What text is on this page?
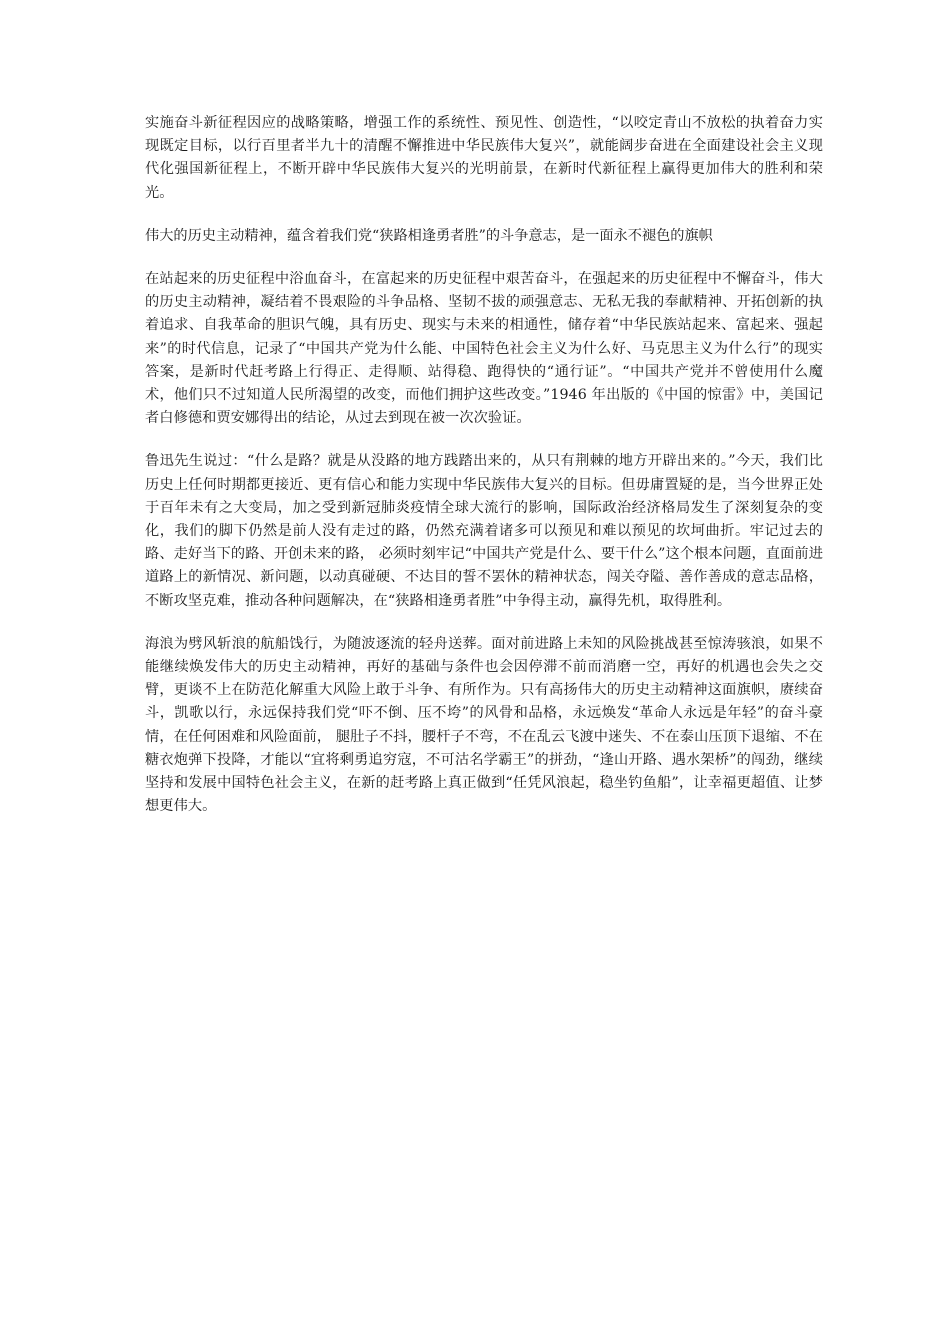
实施奋斗新征程因应的战略策略，增强工作的系统性、预见性、创造性，“以咬定青山不放松的执着奋力实现既定目标，以行百里者半九十的清醒不懈推进中华民族伟大复兴”，就能阔步奋进在全面建设社会主义现代化强国新征程上，不断开辟中华民族伟大复兴的光明前景，在新时代新征程上赢得更加伟大的胜利和荣光。

伟大的历史主动精神，蕴含着我们党“狭路相逢勇者胜”的斗争意志，是一面永不褪色的旗帜

在站起来的历史征程中浴血奋斗，在富起来的历史征程中艰苦奋斗，在强起来的历史征程中不懈奋斗，伟大的历史主动精神，凝结着不畏艰险的斗争品格、坚韧不拔的顽强意志、无私无我的奉献精神、开拓创新的执着追求、自我革命的胆识气魄，具有历史、现实与未来的相通性，储存着“中华民族站起来、富起来、强起来”的时代信息，记录了“中国共产党为什么能、中国特色社会主义为什么好、马克思主义为什么行”的现实答案，是新时代赶考路上行得正、走得顺、站得稳、跑得快的“通行证”。“中国共产党并不曾使用什么魔术，他们只不过知道人民所渴望的改变，而他们拥护这些改变。”1946 年出版的《中国的惊雷》中，美国记者白修德和贾安娜得出的结论，从过去到现在被一次次验证。

鲁迅先生说过：“什么是路？就是从没路的地方践踏出来的，从只有荆棘的地方开辟出来的。”今天，我们比历史上任何时期都更接近、更有信心和能力实现中华民族伟大复兴的目标。但毋庸置疑的是，当今世界正处于百年未有之大变局，加之受到新冠肺炎疫情全球大流行的影响，国际政治经济格局发生了深刻复杂的变化，我们的脚下仍然是前人没有走过的路，仍然充满着诸多可以预见和难以预见的坎坷曲折。牢记过去的路、走好当下的路、开创未来的路， 必须时刻牢记“中国共产党是什么、要干什么”这个根本问题，直面前进道路上的新情况、新问题，以动真碰硬、不达目的誓不罢休的精神状态，闯关夺隘、善作善成的意志品格，不断攻坚克难，推动各种问题解决，在“狭路相逢勇者胜”中争得主动，赢得先机，取得胜利。

海浪为劈风斩浪的航船饯行，为随波逐流的轻舟送葬。面对前进路上未知的风险挑战甚至惊涛骇浪，如果不能继续焕发伟大的历史主动精神，再好的基础与条件也会因停滞不前而消磨一空，再好的机遇也会失之交臂，更谈不上在防范化解重大风险上敢于斗争、有所作为。只有高扬伟大的历史主动精神这面旗帜，赓续奋斗，凯歌以行，永远保持我们党“吓不倒、压不垮”的风骨和品格，永远焕发“革命人永远是年轻”的奋斗豪情，在任何困难和风险面前， 腿肚子不抖，腰杆子不弯，不在乱云飞渡中迷失、不在泰山压顶下退缩、不在糖衣炮弹下投降，才能以“宜将剩勇追穷寇，不可沽名学霸王”的拼劲，“逢山开路、遇水架桥”的闯劲，继续坚持和发展中国特色社会主义，在新的赶考路上真正做到“任凭风浪起，稳坐钓鱼船”，让幸福更超值、让梦想更伟大。
